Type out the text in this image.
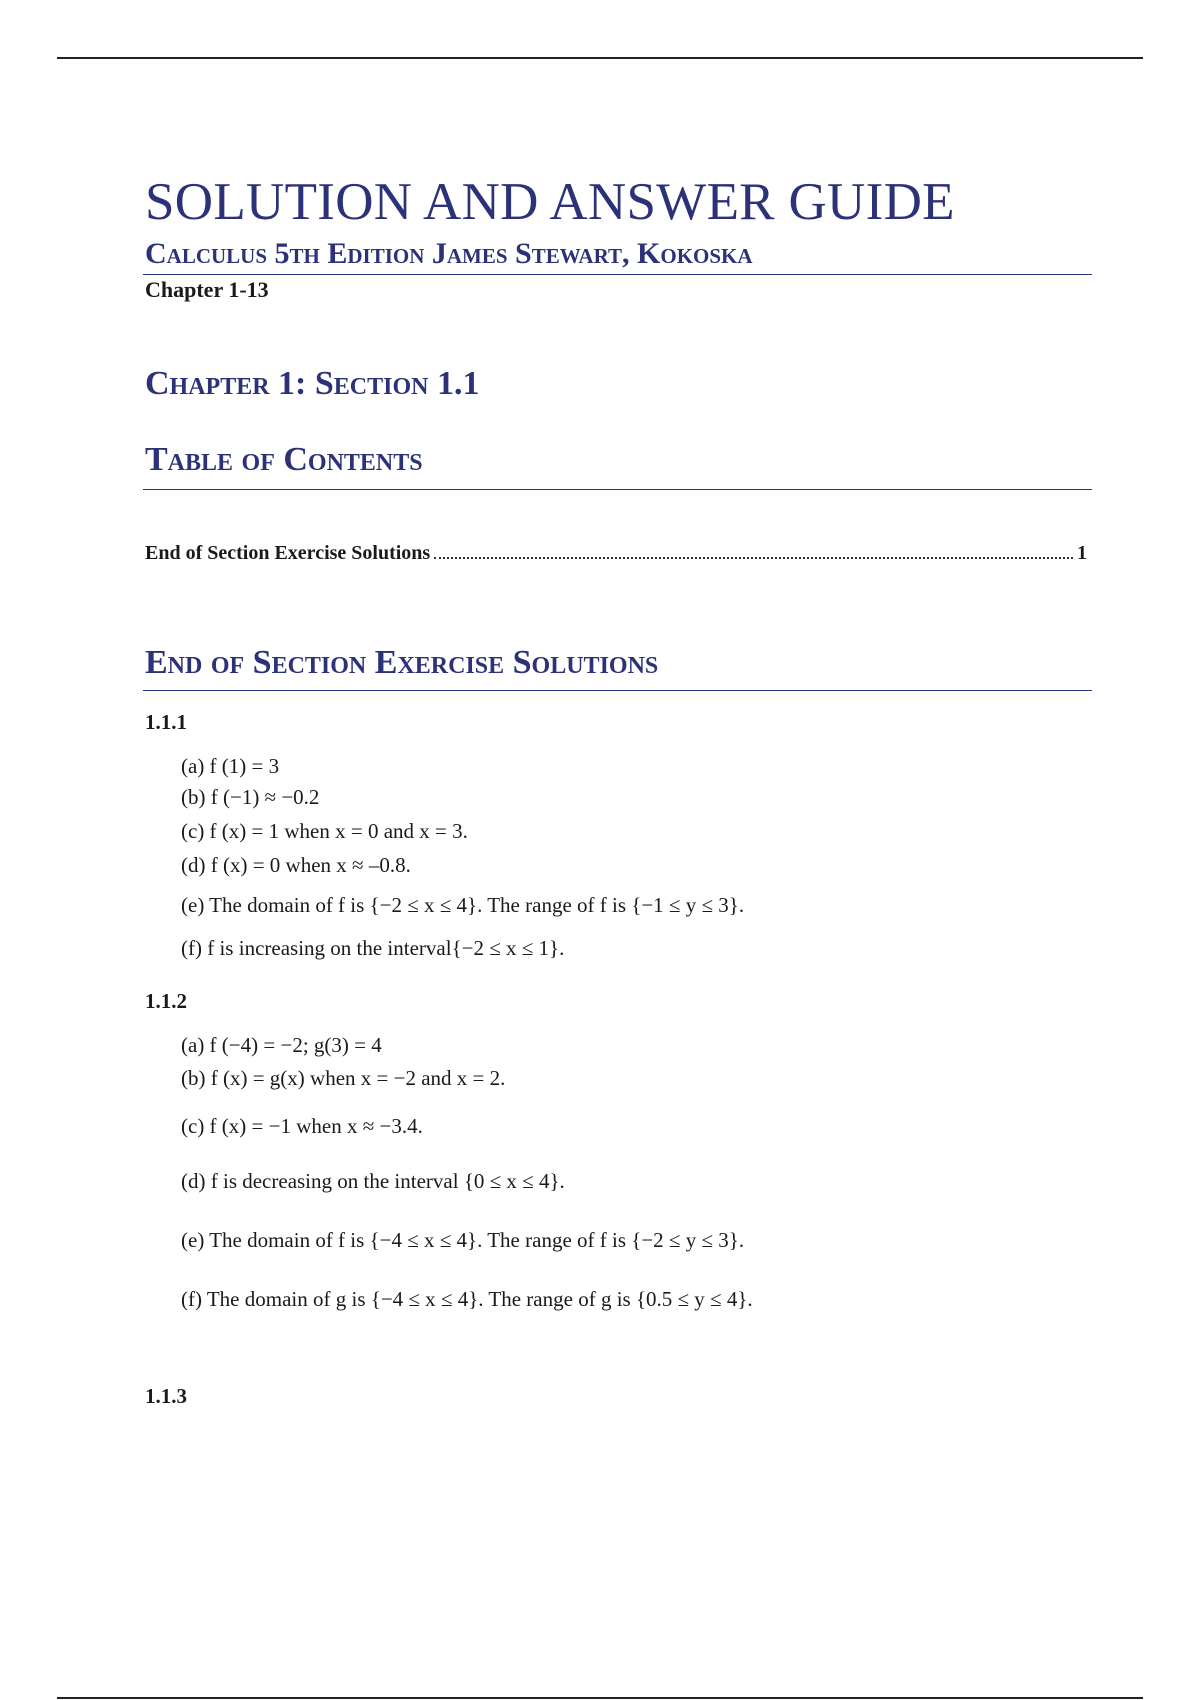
SOLUTION AND ANSWER GUIDE
Calculus 5th Edition James Stewart, Kokoska
Chapter 1-13
Chapter 1: Section 1.1
Table of Contents
End of Section Exercise Solutions	1
End of Section Exercise Solutions
1.1.1
(a) f (1) = 3
(b) f (−1) ≈ −0.2
(c) f (x) = 1 when x = 0 and x = 3.
(d) f (x) = 0 when x ≈ –0.8.
(e) The domain of f is {−2 ≤ x ≤ 4}. The range of f is {−1 ≤ y ≤ 3}.
(f) f is increasing on the interval{−2 ≤ x ≤ 1}.
1.1.2
(a) f (−4) = −2; g(3) = 4
(b) f (x) = g(x) when x = −2 and x = 2.
(c) f (x) = −1 when x ≈ −3.4.
(d) f is decreasing on the interval {0 ≤ x ≤ 4}.
(e) The domain of f is {−4 ≤ x ≤ 4}. The range of f is {−2 ≤ y ≤ 3}.
(f) The domain of g is {−4 ≤ x ≤ 4}. The range of g is {0.5 ≤ y ≤ 4}.
1.1.3
